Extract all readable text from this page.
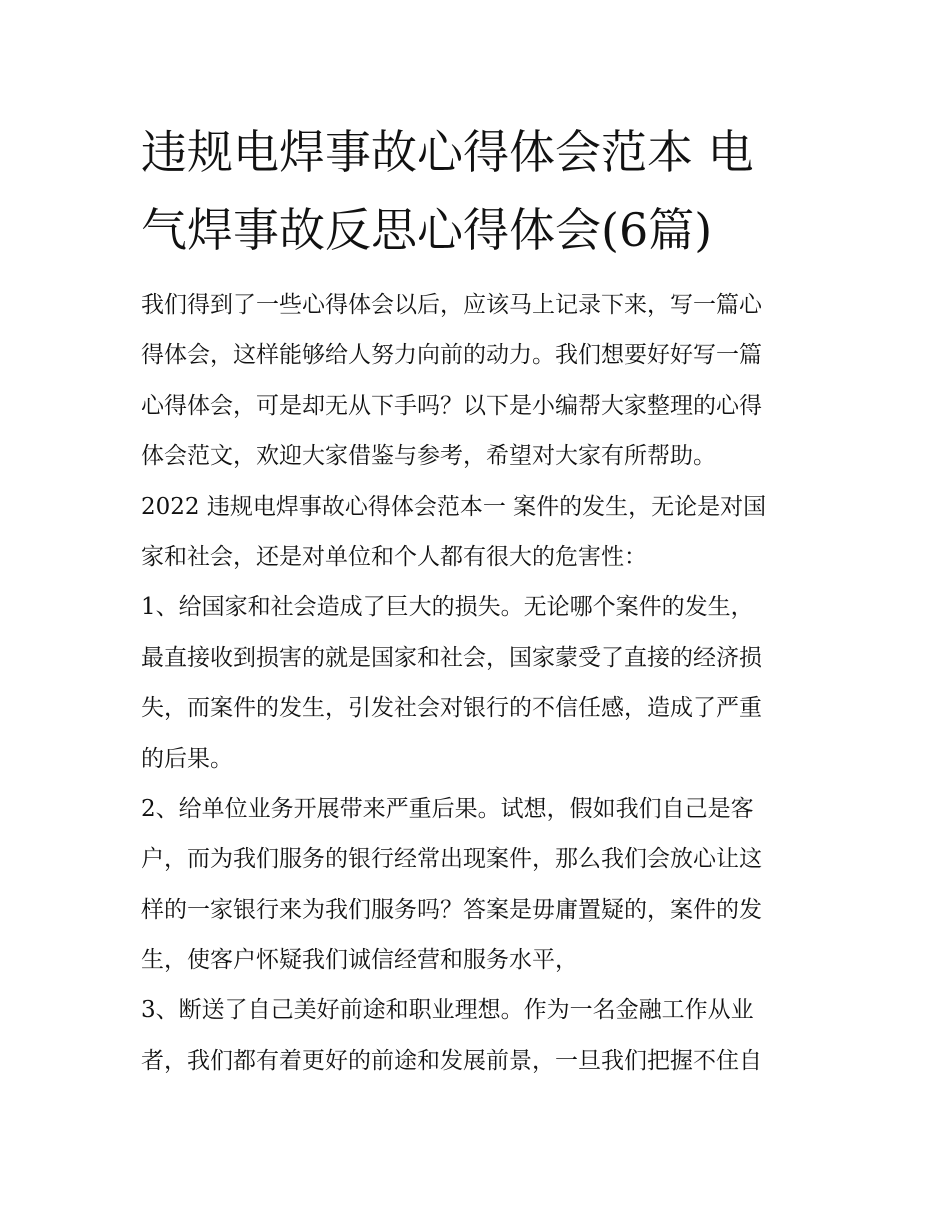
违规电焊事故心得体会范本 电
气焊事故反思心得体会(6篇)
我们得到了一些心得体会以后，应该马上记录下来，写一篇心
得体会，这样能够给人努力向前的动力。我们想要好好写一篇
心得体会，可是却无从下手吗？以下是小编帮大家整理的心得
体会范文，欢迎大家借鉴与参考，希望对大家有所帮助。
2022 违规电焊事故心得体会范本一 案件的发生，无论是对国
家和社会，还是对单位和个人都有很大的危害性：
1、给国家和社会造成了巨大的损失。无论哪个案件的发生，
最直接收到损害的就是国家和社会，国家蒙受了直接的经济损
失，而案件的发生，引发社会对银行的不信任感，造成了严重
的后果。
2、给单位业务开展带来严重后果。试想，假如我们自己是客
户，而为我们服务的银行经常出现案件，那么我们会放心让这
样的一家银行来为我们服务吗？答案是毋庸置疑的，案件的发
生，使客户怀疑我们诚信经营和服务水平，
3、断送了自己美好前途和职业理想。作为一名金融工作从业
者，我们都有着更好的前途和发展前景，一旦我们把握不住自
